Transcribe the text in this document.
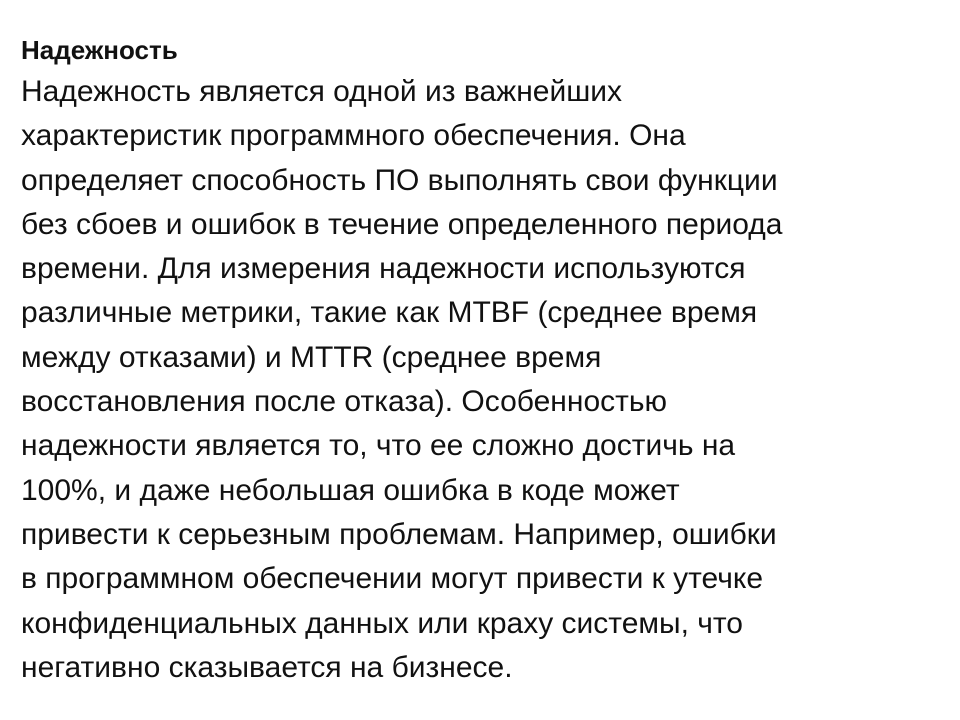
Надежность
Надежность является одной из важнейших
характеристик программного обеспечения. Она
определяет способность ПО выполнять свои функции
без сбоев и ошибок в течение определенного периода
времени. Для измерения надежности используются
различные метрики, такие как MTBF (среднее время
между отказами) и MTTR (среднее время
восстановления после отказа). Особенностью
надежности является то, что ее сложно достичь на
100%, и даже небольшая ошибка в коде может
привести к серьезным проблемам. Например, ошибки
в программном обеспечении могут привести к утечке
конфиденциальных данных или краху системы, что
негативно сказывается на бизнесе.
